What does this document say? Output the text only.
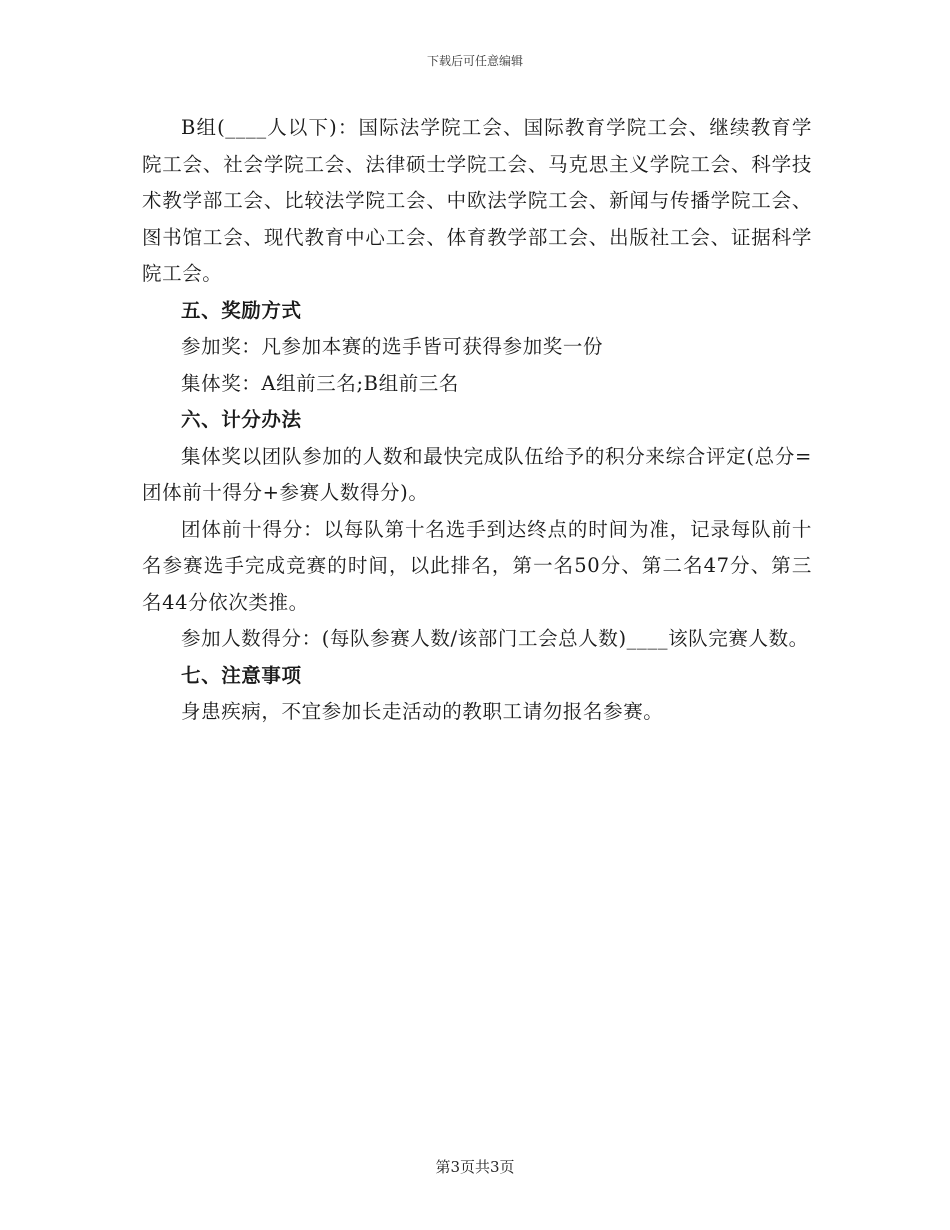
下载后可任意编辑

B组(____人以下)：国际法学院工会、国际教育学院工会、继续教育学院工会、社会学院工会、法律硕士学院工会、马克思主义学院工会、科学技术教学部工会、比较法学院工会、中欧法学院工会、新闻与传播学院工会、图书馆工会、现代教育中心工会、体育教学部工会、出版社工会、证据科学院工会。

五、奖励方式

参加奖：凡参加本赛的选手皆可获得参加奖一份

集体奖：A组前三名;B组前三名

六、计分办法

集体奖以团队参加的人数和最快完成队伍给予的积分来综合评定(总分=团体前十得分+参赛人数得分)。

团体前十得分：以每队第十名选手到达终点的时间为准，记录每队前十名参赛选手完成竞赛的时间，以此排名，第一名50分、第二名47分、第三名44分依次类推。

参加人数得分：(每队参赛人数/该部门工会总人数)____该队完赛人数。

七、注意事项

身患疾病，不宜参加长走活动的教职工请勿报名参赛。

第3页共3页
